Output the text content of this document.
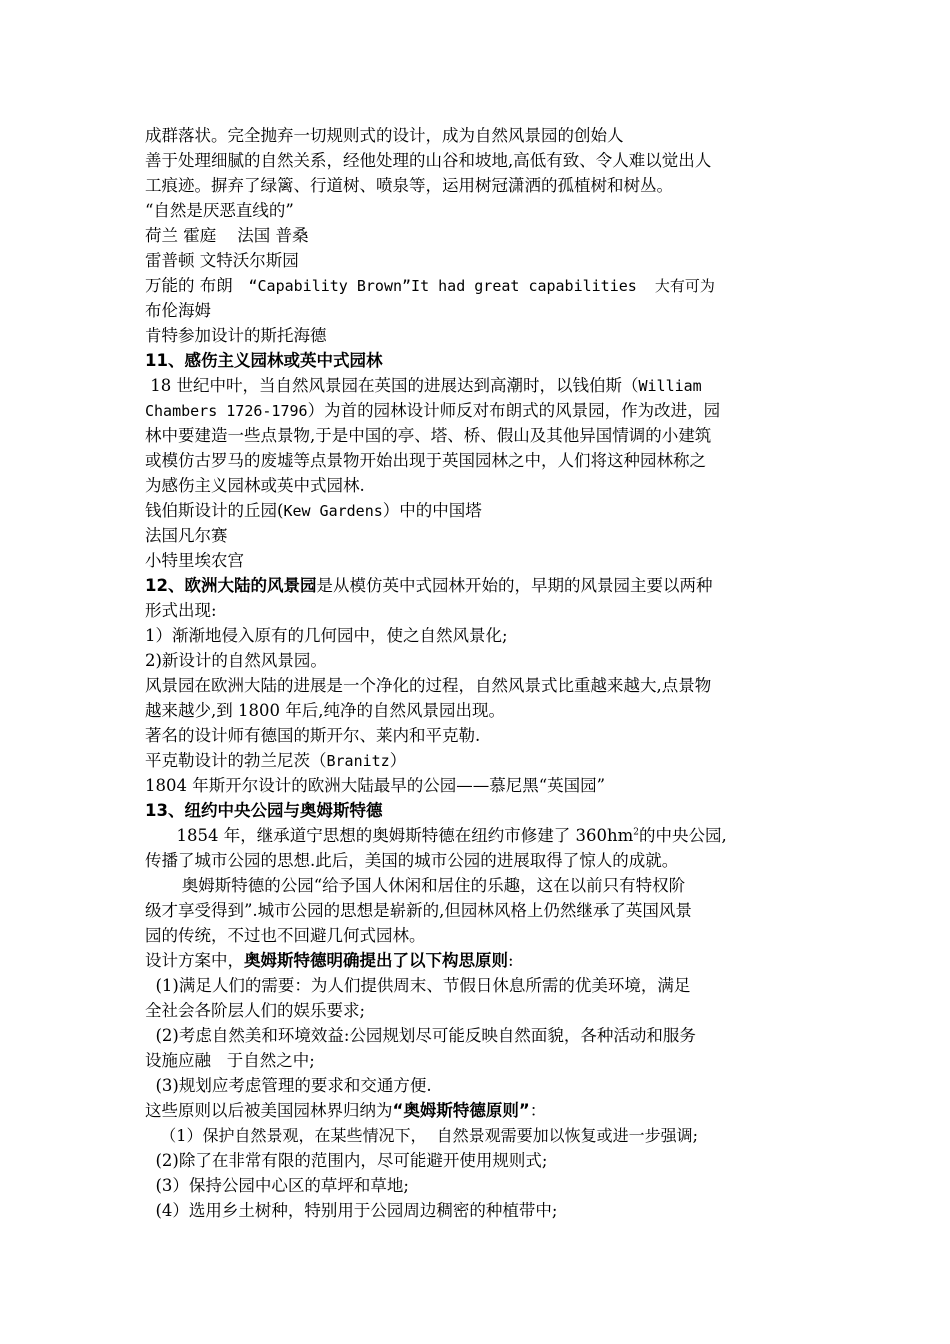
成群落状。完全抛弃一切规则式的设计，成为自然风景园的创始人
善于处理细腻的自然关系，经他处理的山谷和坡地,高低有致、令人难以觉出人
工痕迹。摒弃了绿篱、行道树、喷泉等，运用树冠潇洒的孤植树和树丛。
“自然是厌恶直线的”
荷兰 霍庭    法国 普桑
雷普顿 文特沃尔斯园
万能的 布朗   “Capability Brown”It had great capabilities  大有可为
布伦海姆
肯特参加设计的斯托海德
11、感伤主义园林或英中式园林
18 世纪中叶，当自然风景园在英国的进展达到高潮时，以钱伯斯（William
Chambers 1726-1796）为首的园林设计师反对布朗式的风景园，作为改进，园
林中要建造一些点景物,于是中国的亭、塔、桥、假山及其他异国情调的小建筑
或模仿古罗马的废墟等点景物开始出现于英国园林之中，人们将这种园林称之
为感伤主义园林或英中式园林.
钱伯斯设计的丘园(Kew Gardens）中的中国塔
法国凡尔赛
小特里埃农宫
12、欧洲大陆的风景园是从模仿英中式园林开始的，早期的风景园主要以两种
形式出现:
1）渐渐地侵入原有的几何园中，使之自然风景化;
2)新设计的自然风景园。
风景园在欧洲大陆的进展是一个净化的过程，自然风景式比重越来越大,点景物
越来越少,到 1800 年后,纯净的自然风景园出现。
著名的设计师有德国的斯开尔、莱内和平克勒.
平克勒设计的勃兰尼茨（Branitz）
1804 年斯开尔设计的欧洲大陆最早的公园——慕尼黑“英国园”
13、纽约中央公园与奥姆斯特德
1854 年，继承道宁思想的奥姆斯特德在纽约市修建了 $360hm^2$的中央公园,
传播了城市公园的思想.此后，美国的城市公园的进展取得了惊人的成就。
奥姆斯特德的公园“给予国人休闲和居住的乐趣，这在以前只有特权阶
级才享受得到”.城市公园的思想是崭新的,但园林风格上仍然继承了英国风景
园的传统，不过也不回避几何式园林。
设计方案中，奥姆斯特德明确提出了以下构思原则:
(1)满足人们的需要：为人们提供周末、节假日休息所需的优美环境，满足
全社会各阶层人们的娱乐要求;
(2)考虑自然美和环境效益:公园规划尽可能反映自然面貌，各种活动和服务
设施应融   于自然之中;
(3)规划应考虑管理的要求和交通方便.
这些原则以后被美国园林界归纳为“奥姆斯特德原则”：
（1）保护自然景观，在某些情况下，  自然景观需要加以恢复或进一步强调;
(2)除了在非常有限的范围内，尽可能避开使用规则式;
(3）保持公园中心区的草坪和草地;
(4）选用乡土树种，特别用于公园周边稠密的种植带中;
